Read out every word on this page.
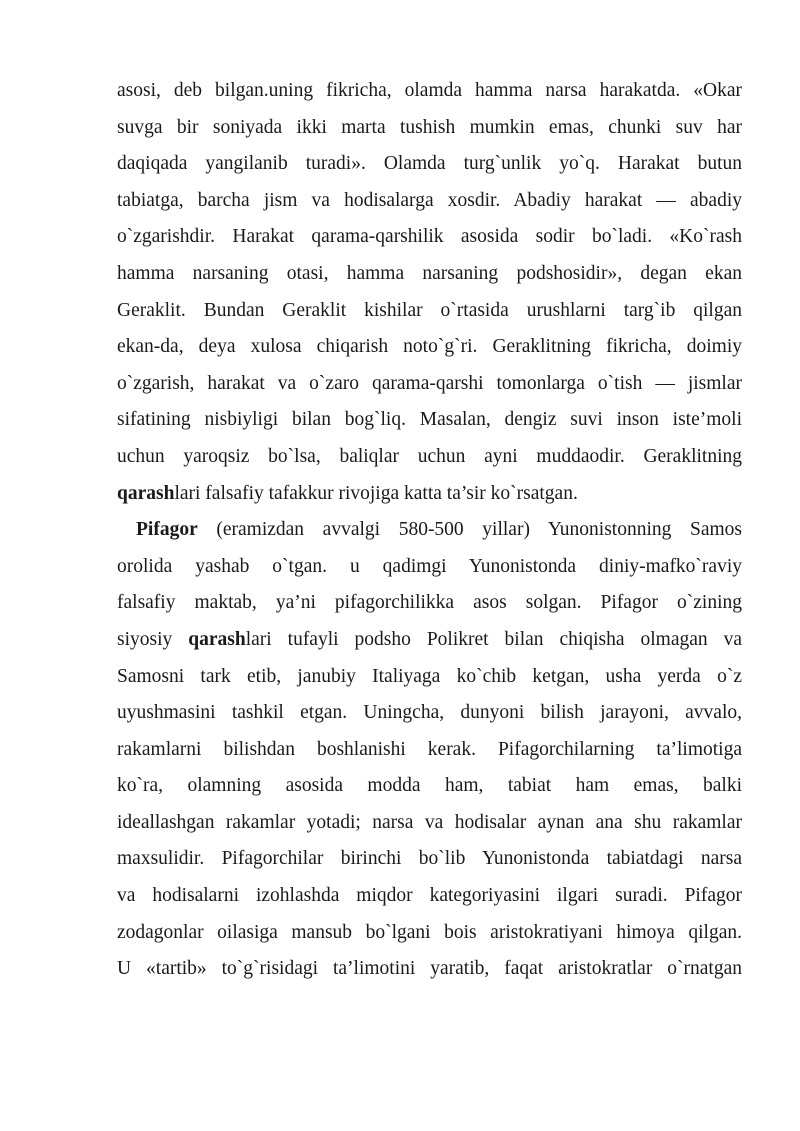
asosi, deb bilgan.uning fikricha, olamda hamma narsa harakatda. «Okar
suvga bir soniyada ikki marta tushish mumkin emas, chunki suv har
daqiqada yangilanib turadi». Olamda turg`unlik yo`q. Harakat butun
tabiatga, barcha jism va hodisalarga xosdir. Abadiy harakat — abadiy
o`zgarishdir. Harakat qarama-qarshilik asosida sodir bo`ladi. «Ko`rash
hamma narsaning otasi, hamma narsaning podshosidir», degan ekan
Geraklit. Bundan Geraklit kishilar o`rtasida urushlarni targ`ib qilgan
ekan-da, deya xulosa chiqarish noto`g`ri. Geraklitning fikricha, doimiy
o`zgarish, harakat va o`zaro qarama-qarshi tomonlarga o`tish — jismlar
sifatining nisbiyligi bilan bog`liq. Masalan, dengiz suvi inson iste’moli
uchun yaroqsiz bo`lsa, baliqlar uchun ayni muddaodir. Geraklitning
qarashlari falsafiy tafakkur rivojiga katta ta’sir ko`rsatgan.
Pifagor (eramizdan avvalgi 580-500 yillar) Yunonistonning Samos
orolida yashab o`tgan. u qadimgi Yunonistonda diniy-mafko`raviy
falsafiy maktab, ya’ni pifagorchilikka asos solgan. Pifagor o`zining
siyosiy qarashlari tufayli podsho Polikret bilan chiqisha olmagan va
Samosni tark etib, janubiy Italiyaga ko`chib ketgan, usha yerda o`z
uyushmasini tashkil etgan. Uningcha, dunyoni bilish jarayoni, avvalo,
rakamlarni bilishdan boshlanishi kerak. Pifagorchilarning ta’limotiga
ko`ra, olamning asosida modda ham, tabiat ham emas, balki
ideallashgan rakamlar yotadi; narsa va hodisalar aynan ana shu rakamlar
maxsulidir. Pifagorchilar birinchi bo`lib Yunonistonda tabiatdagi narsa
va hodisalarni izohlashda miqdor kategoriyasini ilgari suradi. Pifagor
zodagonlar oilasiga mansub bo`lgani bois aristokratiyani himoya qilgan.
U «tartib» to`g`risidagi ta’limotini yaratib, faqat aristokratlar o`rnatgan
